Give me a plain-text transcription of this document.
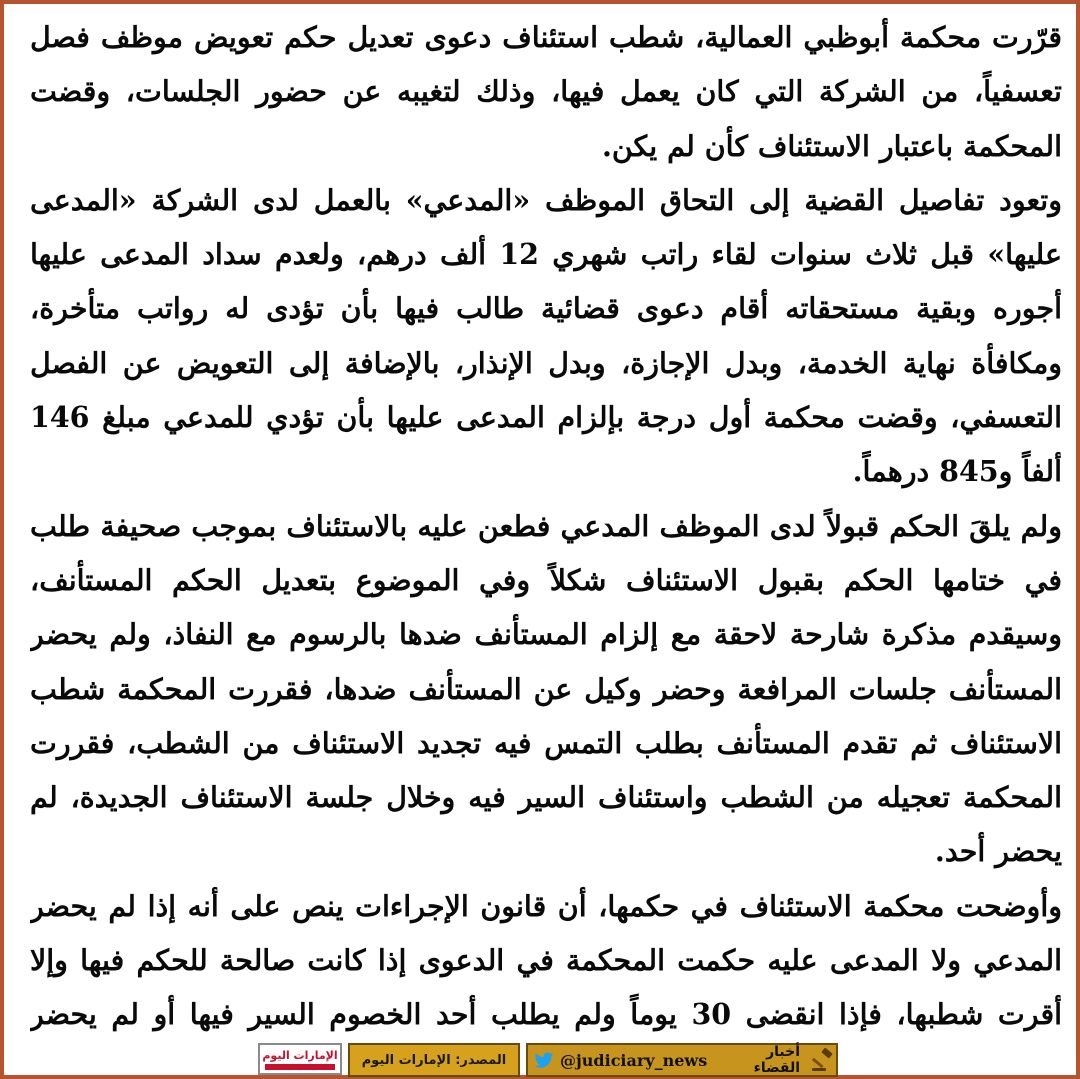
قرّرت محكمة أبوظبي العمالية، شطب استئناف دعوى تعديل حكم تعويض موظف فصل تعسفياً، من الشركة التي كان يعمل فيها، وذلك لتغيبه عن حضور الجلسات، وقضت المحكمة باعتبار الاستئناف كأن لم يكن.

وتعود تفاصيل القضية إلى التحاق الموظف «المدعي» بالعمل لدى الشركة «المدعى عليها» قبل ثلاث سنوات لقاء راتب شهري 12 ألف درهم، ولعدم سداد المدعى عليها أجوره وبقية مستحقاته أقام دعوى قضائية طالب فيها بأن تؤدى له رواتب متأخرة، ومكافأة نهاية الخدمة، وبدل الإجازة، وبدل الإنذار، بالإضافة إلى التعويض عن الفصل التعسفي، وقضت محكمة أول درجة بإلزام المدعى عليها بأن تؤدي للمدعي مبلغ 146 ألفاً و845 درهماً.

ولم يلقَ الحكم قبولاً لدى الموظف المدعي فطعن عليه بالاستئناف بموجب صحيفة طلب في ختامها الحكم بقبول الاستئناف شكلاً وفي الموضوع بتعديل الحكم المستأنف، وسيقدم مذكرة شارحة لاحقة مع إلزام المستأنف ضدها بالرسوم مع النفاذ، ولم يحضر المستأنف جلسات المرافعة وحضر وكيل عن المستأنف ضدها، فقررت المحكمة شطب الاستئناف ثم تقدم المستأنف بطلب التمس فيه تجديد الاستئناف من الشطب، فقررت المحكمة تعجيله من الشطب واستئناف السير فيه وخلال جلسة الاستئناف الجديدة، لم يحضر أحد.

وأوضحت محكمة الاستئناف في حكمها، أن قانون الإجراءات ينص على أنه إذا لم يحضر المدعي ولا المدعى عليه حكمت المحكمة في الدعوى إذا كانت صالحة للحكم فيها وإلا أقرت شطبها، فإذا انقضى 30 يوماً ولم يطلب أحد الخصوم السير فيها أو لم يحضر

الإمارات اليوم	المصدر: الإمارات اليوم	@judiciary_news	أخبار القضاء
